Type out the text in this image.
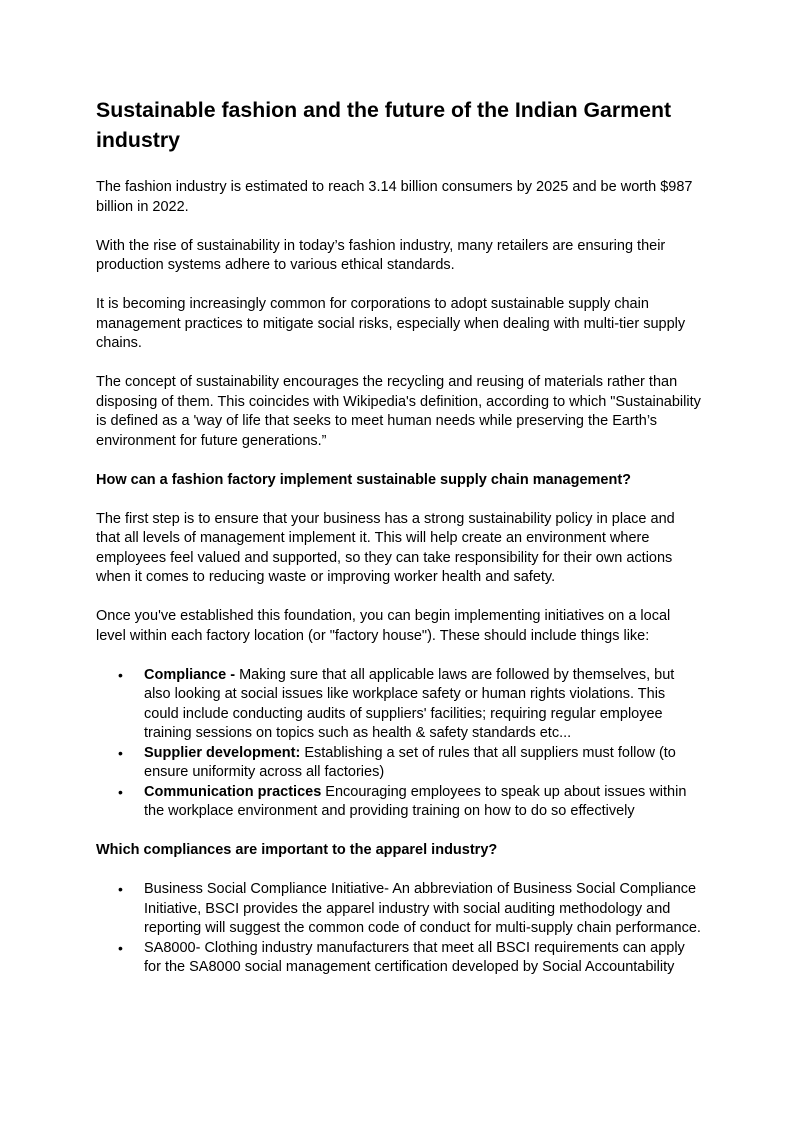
Sustainable fashion and the future of the Indian Garment industry

The fashion industry is estimated to reach 3.14 billion consumers by 2025 and be worth $987 billion in 2022.

With the rise of sustainability in today’s fashion industry, many retailers are ensuring their production systems adhere to various ethical standards.

It is becoming increasingly common for corporations to adopt sustainable supply chain management practices to mitigate social risks, especially when dealing with multi-tier supply chains.

The concept of sustainability encourages the recycling and reusing of materials rather than disposing of them. This coincides with Wikipedia's definition, according to which "Sustainability is defined as a 'way of life that seeks to meet human needs while preserving the Earth’s environment for future generations.”

How can a fashion factory implement sustainable supply chain management?

The first step is to ensure that your business has a strong sustainability policy in place and that all levels of management implement it. This will help create an environment where employees feel valued and supported, so they can take responsibility for their own actions when it comes to reducing waste or improving worker health and safety.

Once you've established this foundation, you can begin implementing initiatives on a local level within each factory location (or "factory house"). These should include things like:

• Compliance - Making sure that all applicable laws are followed by themselves, but also looking at social issues like workplace safety or human rights violations. This could include conducting audits of suppliers' facilities; requiring regular employee training sessions on topics such as health & safety standards etc...
• Supplier development: Establishing a set of rules that all suppliers must follow (to ensure uniformity across all factories)
• Communication practices Encouraging employees to speak up about issues within the workplace environment and providing training on how to do so effectively

Which compliances are important to the apparel industry?

• Business Social Compliance Initiative- An abbreviation of Business Social Compliance Initiative, BSCI provides the apparel industry with social auditing methodology and reporting will suggest the common code of conduct for multi-supply chain performance.
• SA8000- Clothing industry manufacturers that meet all BSCI requirements can apply for the SA8000 social management certification developed by Social Accountability
